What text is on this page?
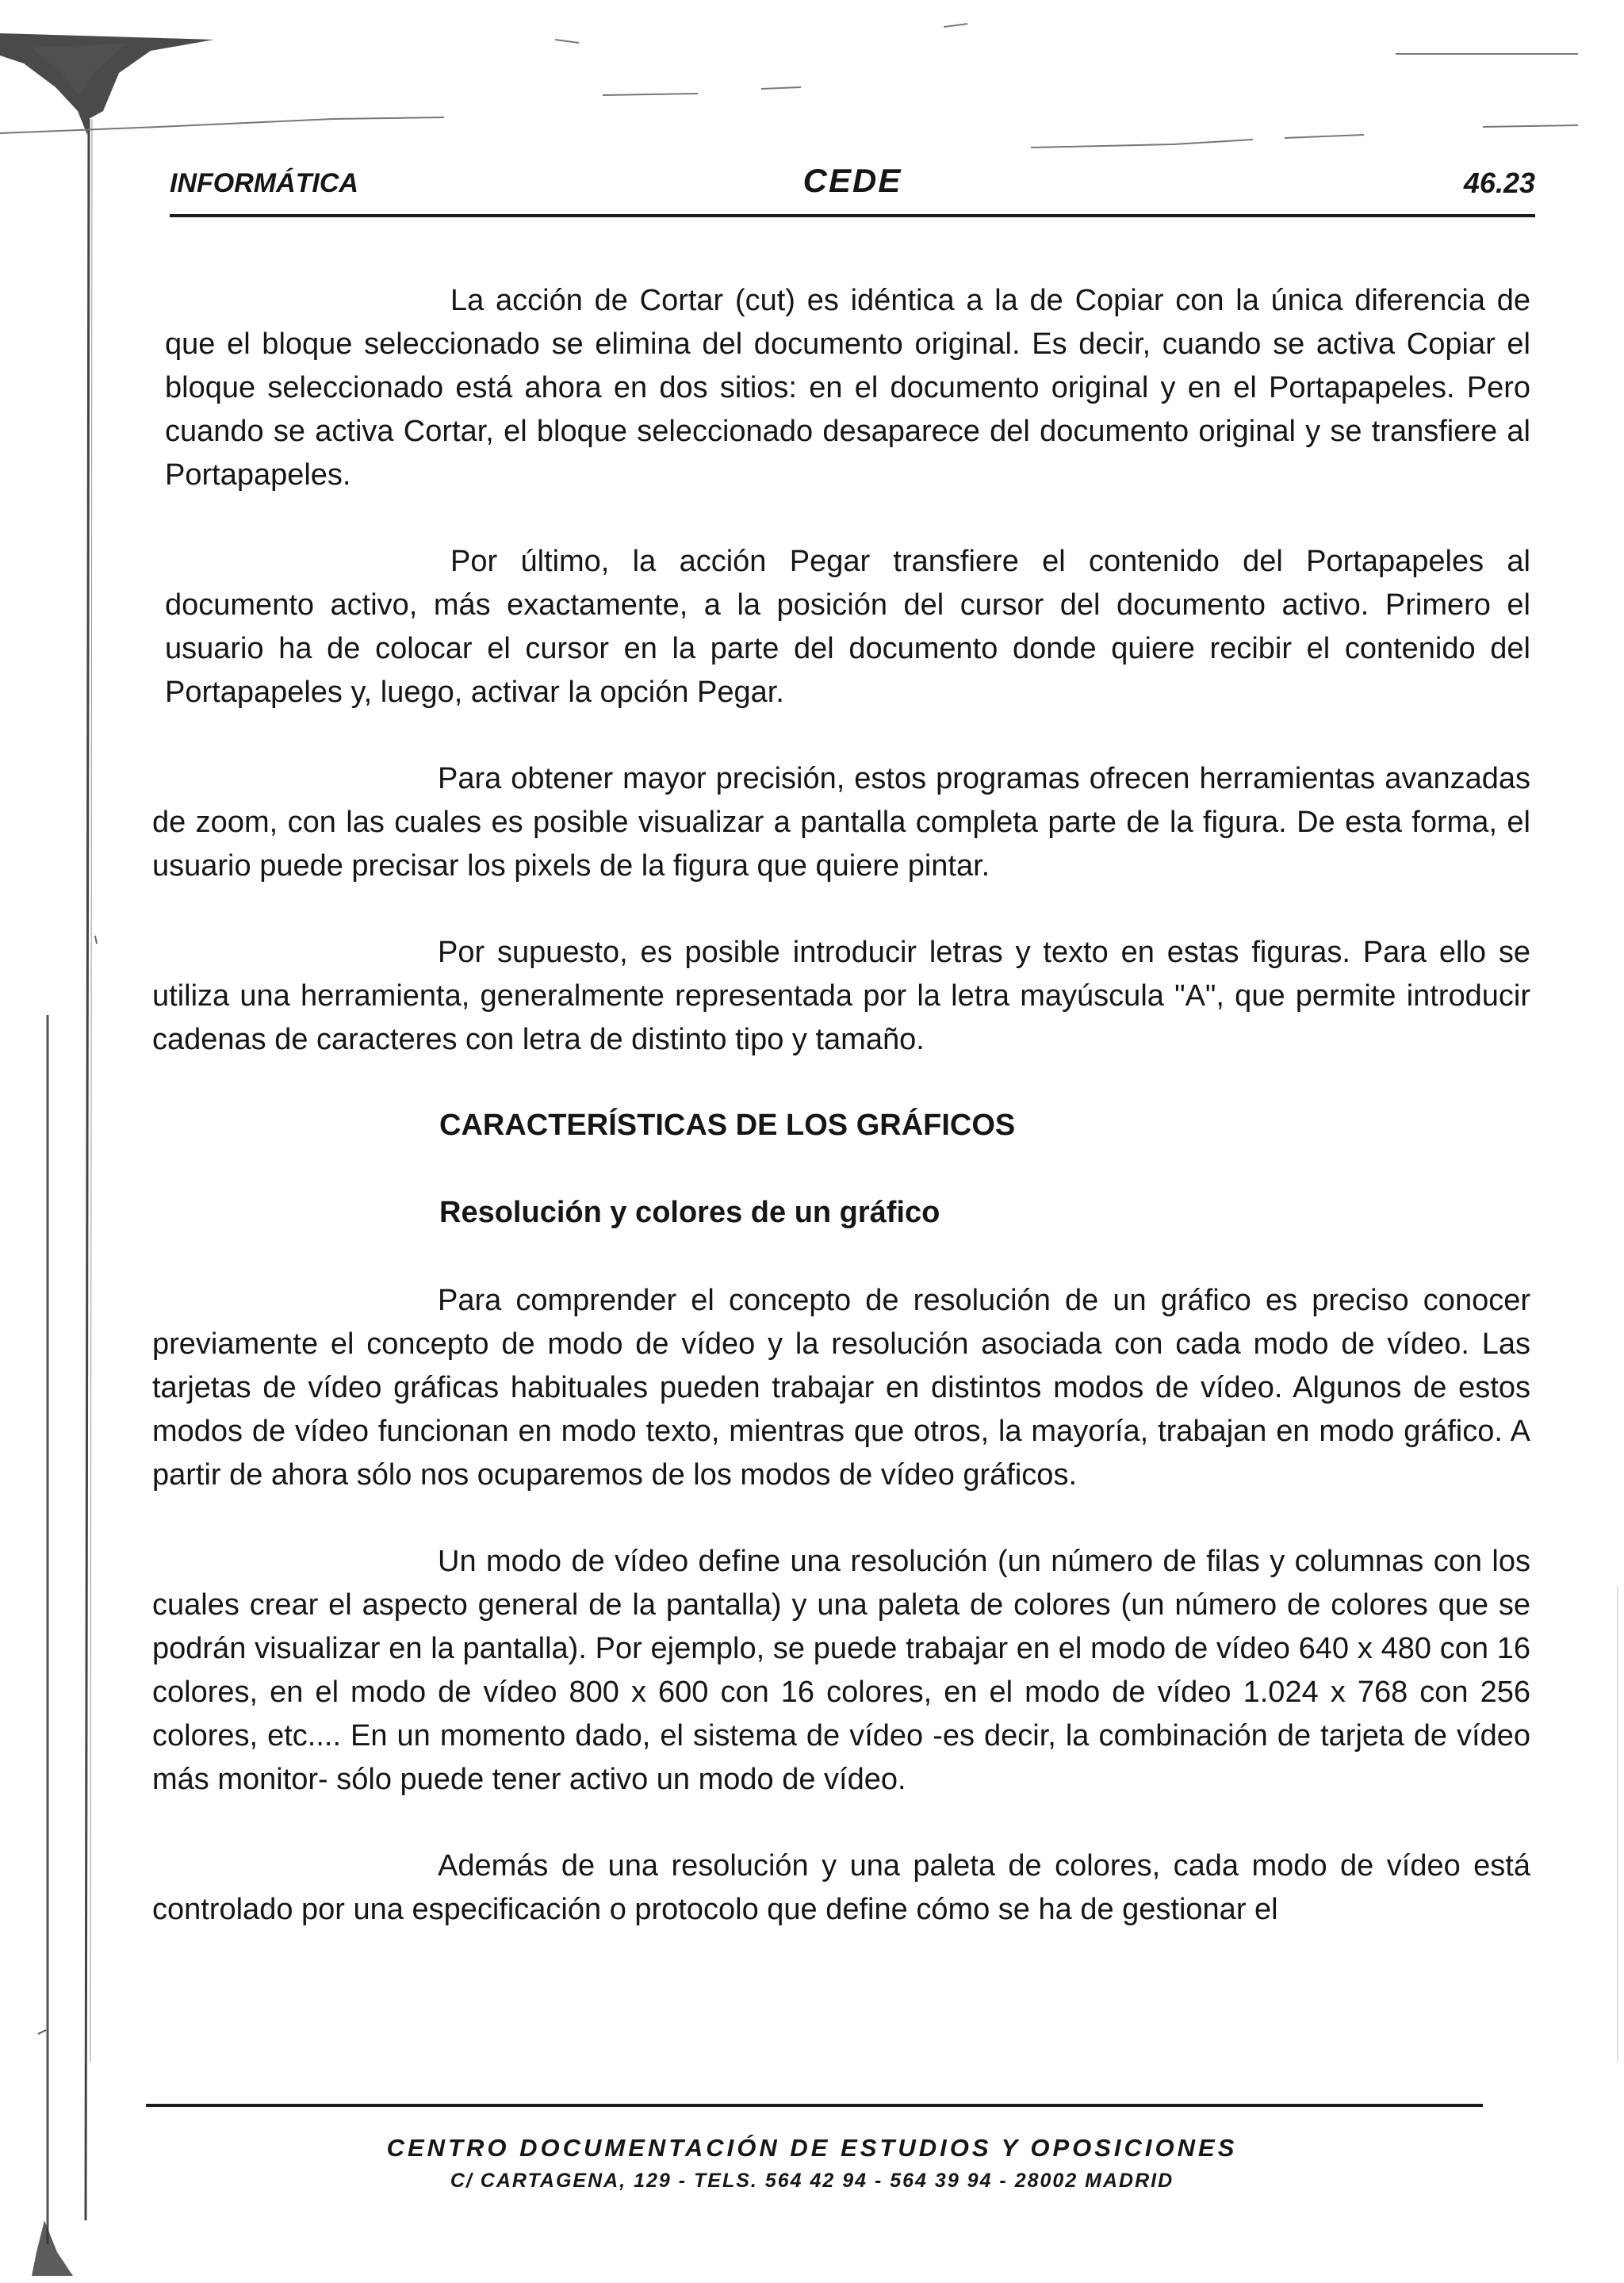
INFORMÁTICA	CEDE	46.23

La acción de Cortar (cut) es idéntica a la de Copiar con la única diferencia de que el bloque seleccionado se elimina del documento original. Es decir, cuando se activa Copiar el bloque seleccionado está ahora en dos sitios: en el documento original y en el Portapapeles. Pero cuando se activa Cortar, el bloque seleccionado desaparece del documento original y se transfiere al Portapapeles.

Por último, la acción Pegar transfiere el contenido del Portapapeles al documento activo, más exactamente, a la posición del cursor del documento activo. Primero el usuario ha de colocar el cursor en la parte del documento donde quiere recibir el contenido del Portapapeles y, luego, activar la opción Pegar.

Para obtener mayor precisión, estos programas ofrecen herramientas avanzadas de zoom, con las cuales es posible visualizar a pantalla completa parte de la figura. De esta forma, el usuario puede precisar los pixels de la figura que quiere pintar.

Por supuesto, es posible introducir letras y texto en estas figuras. Para ello se utiliza una herramienta, generalmente representada por la letra mayúscula "A", que permite introducir cadenas de caracteres con letra de distinto tipo y tamaño.

CARACTERÍSTICAS DE LOS GRÁFICOS
Resolución y colores de un gráfico

Para comprender el concepto de resolución de un gráfico es preciso conocer previamente el concepto de modo de vídeo y la resolución asociada con cada modo de vídeo. Las tarjetas de vídeo gráficas habituales pueden trabajar en distintos modos de vídeo. Algunos de estos modos de vídeo funcionan en modo texto, mientras que otros, la mayoría, trabajan en modo gráfico. A partir de ahora sólo nos ocuparemos de los modos de vídeo gráficos.

Un modo de vídeo define una resolución (un número de filas y columnas con los cuales crear el aspecto general de la pantalla) y una paleta de colores (un número de colores que se podrán visualizar en la pantalla). Por ejemplo, se puede trabajar en el modo de vídeo 640 x 480 con 16 colores, en el modo de vídeo 800 x 600 con 16 colores, en el modo de vídeo 1.024 x 768 con 256 colores, etc.... En un momento dado, el sistema de vídeo -es decir, la combinación de tarjeta de vídeo más monitor- sólo puede tener activo un modo de vídeo.

Además de una resolución y una paleta de colores, cada modo de vídeo está controlado por una especificación o protocolo que define cómo se ha de gestionar el

CENTRO DOCUMENTACIÓN DE ESTUDIOS Y OPOSICIONES
C/ CARTAGENA, 129 - TELS. 564 42 94 - 564 39 94 - 28002 MADRID
